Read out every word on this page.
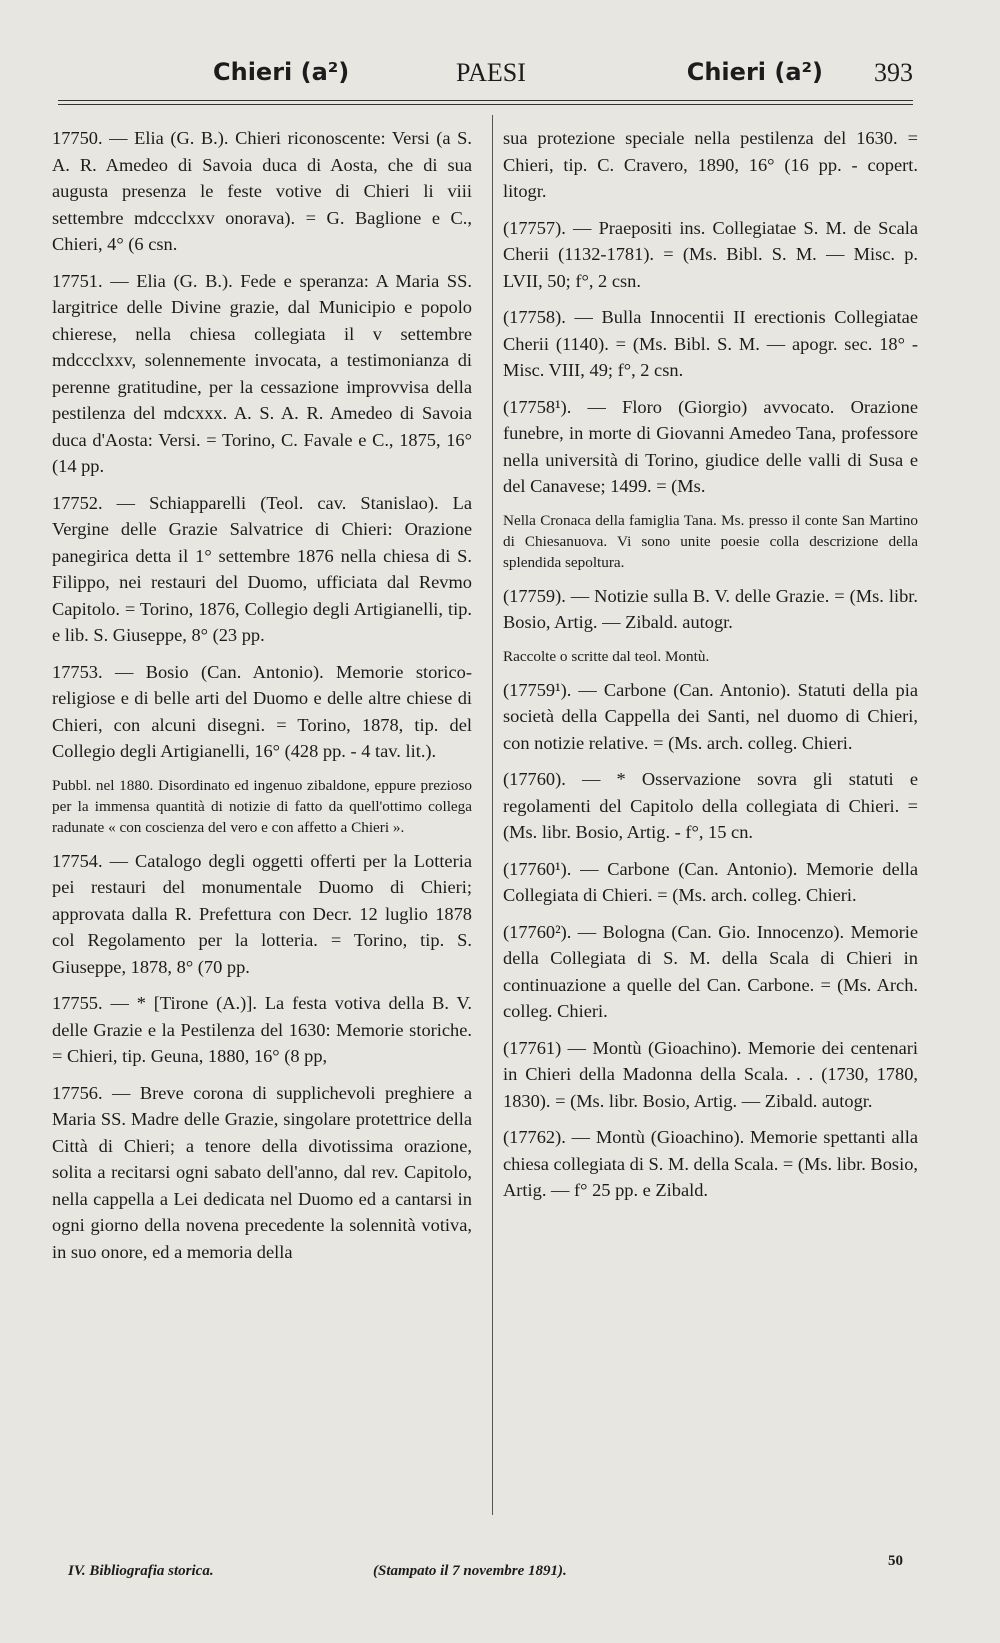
Chieri (a²)	PAESI	Chieri (a²) 393

17750. — Elia (G. B.). Chieri riconoscente: Versi (a S. A. R. Amedeo di Savoia duca di Aosta, che di sua augusta presenza le feste votive di Chieri li viii settembre mdccclxxv onorava). = G. Baglione e C., Chieri, 4° (6 csn.

17751. — Elia (G. B.). Fede e speranza: A Maria SS. largitrice delle Divine grazie, dal Municipio e popolo chierese, nella chiesa collegiata il v settembre mdccclxxv, solennemente invocata, a testimonianza di perenne gratitudine, per la cessazione improvvisa della pestilenza del mdcxxx. A. S. A. R. Amedeo di Savoia duca d'Aosta: Versi. = Torino, C. Favale e C., 1875, 16° (14 pp.

17752. — Schiapparelli (Teol. cav. Stanislao). La Vergine delle Grazie Salvatrice di Chieri: Orazione panegirica detta il 1° settembre 1876 nella chiesa di S. Filippo, nei restauri del Duomo, ufficiata dal Revmo Capitolo. = Torino, 1876, Collegio degli Artigianelli, tip. e lib. S. Giuseppe, 8° (23 pp.

17753. — Bosio (Can. Antonio). Memorie storico-religiose e di belle arti del Duomo e delle altre chiese di Chieri, con alcuni disegni. = Torino, 1878, tip. del Collegio degli Artigianelli, 16° (428 pp. - 4 tav. lit.).

Pubbl. nel 1880. Disordinato ed ingenuo zibaldone, eppure prezioso per la immensa quantità di notizie di fatto da quell'ottimo collega radunate « con coscienza del vero e con affetto a Chieri ».

17754. — Catalogo degli oggetti offerti per la Lotteria pei restauri del monumentale Duomo di Chieri; approvata dalla R. Prefettura con Decr. 12 luglio 1878 col Regolamento per la lotteria. = Torino, tip. S. Giuseppe, 1878, 8° (70 pp.

17755. — * [Tirone (A.)]. La festa votiva della B. V. delle Grazie e la Pestilenza del 1630: Memorie storiche. = Chieri, tip. Geuna, 1880, 16° (8 pp,

17756. — Breve corona di supplichevoli preghiere a Maria SS. Madre delle Grazie, singolare protettrice della Città di Chieri; a tenore della divotissima orazione, solita a recitarsi ogni sabato dell'anno, dal rev. Capitolo, nella cappella a Lei dedicata nel Duomo ed a cantarsi in ogni giorno della novena precedente la solennità votiva, in suo onore, ed a memoria della

sua protezione speciale nella pestilenza del 1630. = Chieri, tip. C. Cravero, 1890, 16° (16 pp. - copert. litogr.

(17757). — Praepositi ins. Collegiatae S. M. de Scala Cherii (1132-1781). = (Ms. Bibl. S. M. — Misc. p. LVII, 50; f°, 2 csn.

(17758). — Bulla Innocentii II erectionis Collegiatae Cherii (1140). = (Ms. Bibl. S. M. — apogr. sec. 18° - Misc. VIII, 49; f°, 2 csn.

(17758¹). — Floro (Giorgio) avvocato. Orazione funebre, in morte di Giovanni Amedeo Tana, professore nella università di Torino, giudice delle valli di Susa e del Canavese; 1499. = (Ms.

Nella Cronaca della famiglia Tana. Ms. presso il conte San Martino di Chiesanuova. Vi sono unite poesie colla descrizione della splendida sepoltura.

(17759). — Notizie sulla B. V. delle Grazie. = (Ms. libr. Bosio, Artig. — Zibald. autogr.

Raccolte o scritte dal teol. Montù.

(17759¹). — Carbone (Can. Antonio). Statuti della pia società della Cappella dei Santi, nel duomo di Chieri, con notizie relative. = (Ms. arch. colleg. Chieri.

(17760). — * Osservazione sovra gli statuti e regolamenti del Capitolo della collegiata di Chieri. = (Ms. libr. Bosio, Artig. - f°, 15 cn.

(17760¹). — Carbone (Can. Antonio). Memorie della Collegiata di Chieri. = (Ms. arch. colleg. Chieri.

(17760²). — Bologna (Can. Gio. Innocenzo). Memorie della Collegiata di S. M. della Scala di Chieri in continuazione a quelle del Can. Carbone. = (Ms. Arch. colleg. Chieri.

(17761) — Montù (Gioachino). Memorie dei centenari in Chieri della Madonna della Scala. . . (1730, 1780, 1830). = (Ms. libr. Bosio, Artig. — Zibald. autogr.

(17762). — Montù (Gioachino). Memorie spettanti alla chiesa collegiata di S. M. della Scala. = (Ms. libr. Bosio, Artig. — f° 25 pp. e Zibald.

IV. Bibliografia storica.	(Stampato il 7 novembre 1891).
50
